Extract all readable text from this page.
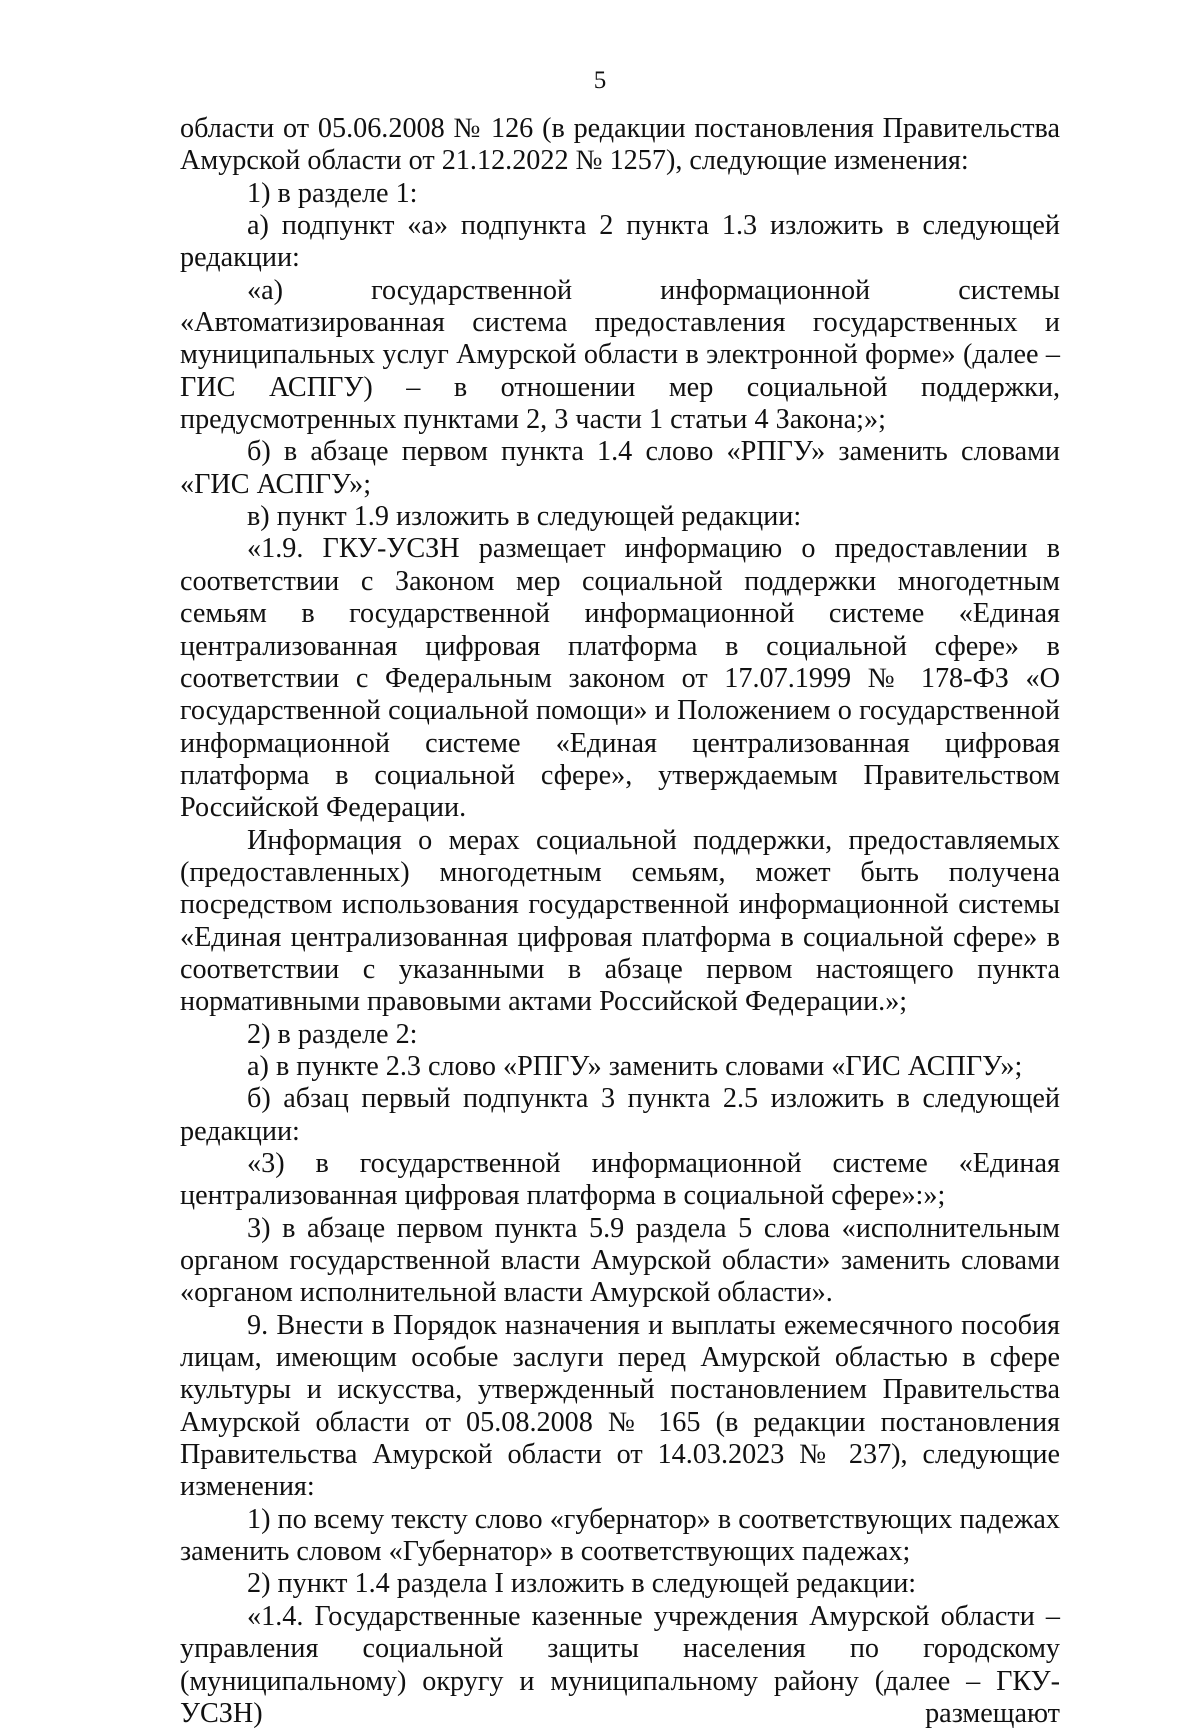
5

области от 05.06.2008 № 126 (в редакции постановления Правительства Амурской области от 21.12.2022 № 1257), следующие изменения:

1) в разделе 1:

а) подпункт «а» подпункта 2 пункта 1.3 изложить в следующей редакции:

«а) государственной информационной системы «Автоматизированная система предоставления государственных и муниципальных услуг Амурской области в электронной форме» (далее – ГИС АСПГУ) – в отношении мер социальной поддержки, предусмотренных пунктами 2, 3 части 1 статьи 4 Закона;»;

б) в абзаце первом пункта 1.4 слово «РПГУ» заменить словами «ГИС АСПГУ»;

в) пункт 1.9 изложить в следующей редакции:

«1.9. ГКУ-УСЗН размещает информацию о предоставлении в соответствии с Законом мер социальной поддержки многодетным семьям в государственной информационной системе «Единая централизованная цифровая платформа в социальной сфере» в соответствии с Федеральным законом от 17.07.1999 № 178-ФЗ «О государственной социальной помощи» и Положением о государственной информационной системе «Единая централизованная цифровая платформа в социальной сфере», утверждаемым Правительством Российской Федерации.

Информация о мерах социальной поддержки, предоставляемых (предоставленных) многодетным семьям, может быть получена посредством использования государственной информационной системы «Единая централизованная цифровая платформа в социальной сфере» в соответствии с указанными в абзаце первом настоящего пункта нормативными правовыми актами Российской Федерации.»;

2) в разделе 2:

а) в пункте 2.3 слово «РПГУ» заменить словами «ГИС АСПГУ»;

б) абзац первый подпункта 3 пункта 2.5 изложить в следующей редакции:

«3) в государственной информационной системе «Единая централизованная цифровая платформа в социальной сфере»:»;

3) в абзаце первом пункта 5.9 раздела 5 слова «исполнительным органом государственной власти Амурской области» заменить словами «органом исполнительной власти Амурской области».

9. Внести в Порядок назначения и выплаты ежемесячного пособия лицам, имеющим особые заслуги перед Амурской областью в сфере культуры и искусства, утвержденный постановлением Правительства Амурской области от 05.08.2008 № 165 (в редакции постановления Правительства Амурской области от 14.03.2023 № 237), следующие изменения:

1) по всему тексту слово «губернатор» в соответствующих падежах заменить словом «Губернатор» в соответствующих падежах;

2) пункт 1.4 раздела I изложить в следующей редакции:

«1.4. Государственные казенные учреждения Амурской области – управления социальной защиты населения по городскому (муниципальному) округу и муниципальному району (далее – ГКУ-УСЗН) размещают
